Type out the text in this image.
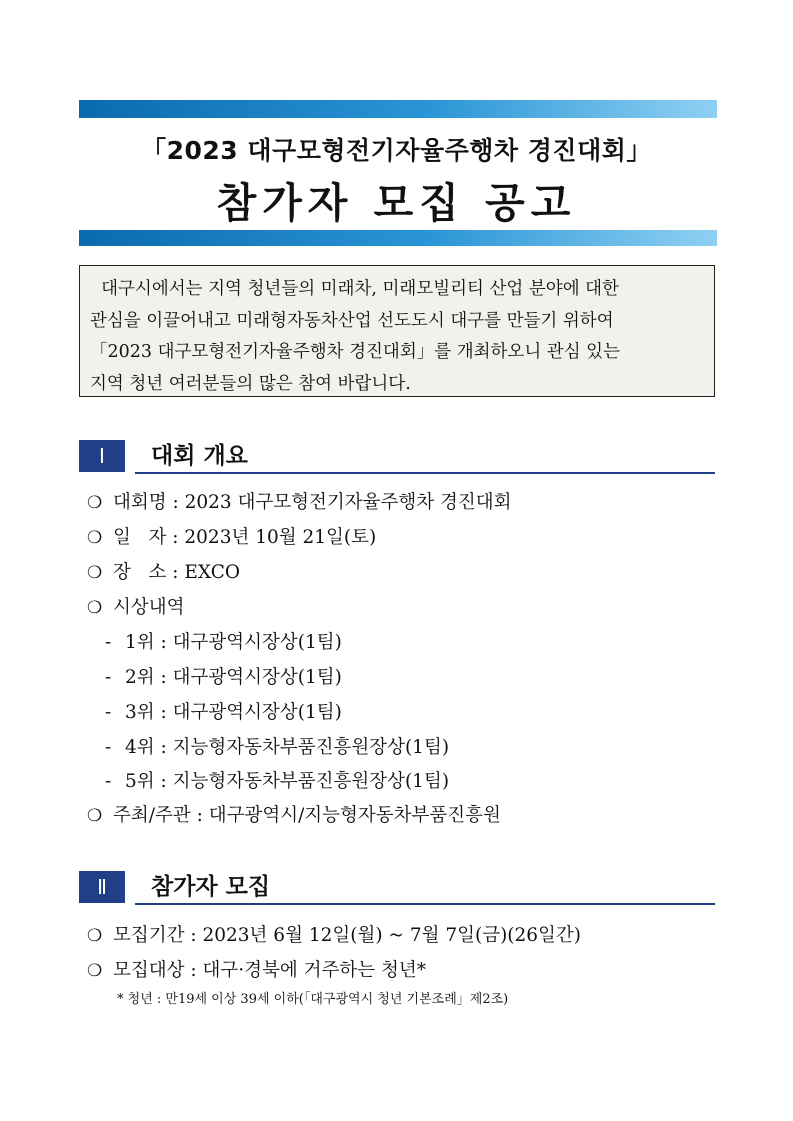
「2023 대구모형전기자율주행차 경진대회」
참가자 모집 공고

대구시에서는 지역 청년들의 미래차, 미래모빌리티 산업 분야에 대한

관심을 이끌어내고 미래형자동차산업 선도도시 대구를 만들기 위하여

「2023 대구모형전기자율주행차 경진대회」를 개최하오니 관심 있는

지역 청년 여러분들의 많은 참여 바랍니다.

Ⅰ	대회 개요
❍ 대회명 : 2023 대구모형전기자율주행차 경진대회
❍ 일   자 : 2023년 10월 21일(토)
❍ 장   소 : EXCO
❍ 시상내역
- 1위 : 대구광역시장상(1팀)
- 2위 : 대구광역시장상(1팀)
- 3위 : 대구광역시장상(1팀)
- 4위 : 지능형자동차부품진흥원장상(1팀)
- 5위 : 지능형자동차부품진흥원장상(1팀)
❍ 주최/주관 : 대구광역시/지능형자동차부품진흥원
Ⅱ	참가자 모집
❍ 모집기간 : 2023년 6월 12일(월) ~ 7월 7일(금)(26일간)
❍ 모집대상 : 대구·경북에 거주하는 청년*
* 청년 : 만19세 이상 39세 이하(「대구광역시 청년 기본조례」제2조)
